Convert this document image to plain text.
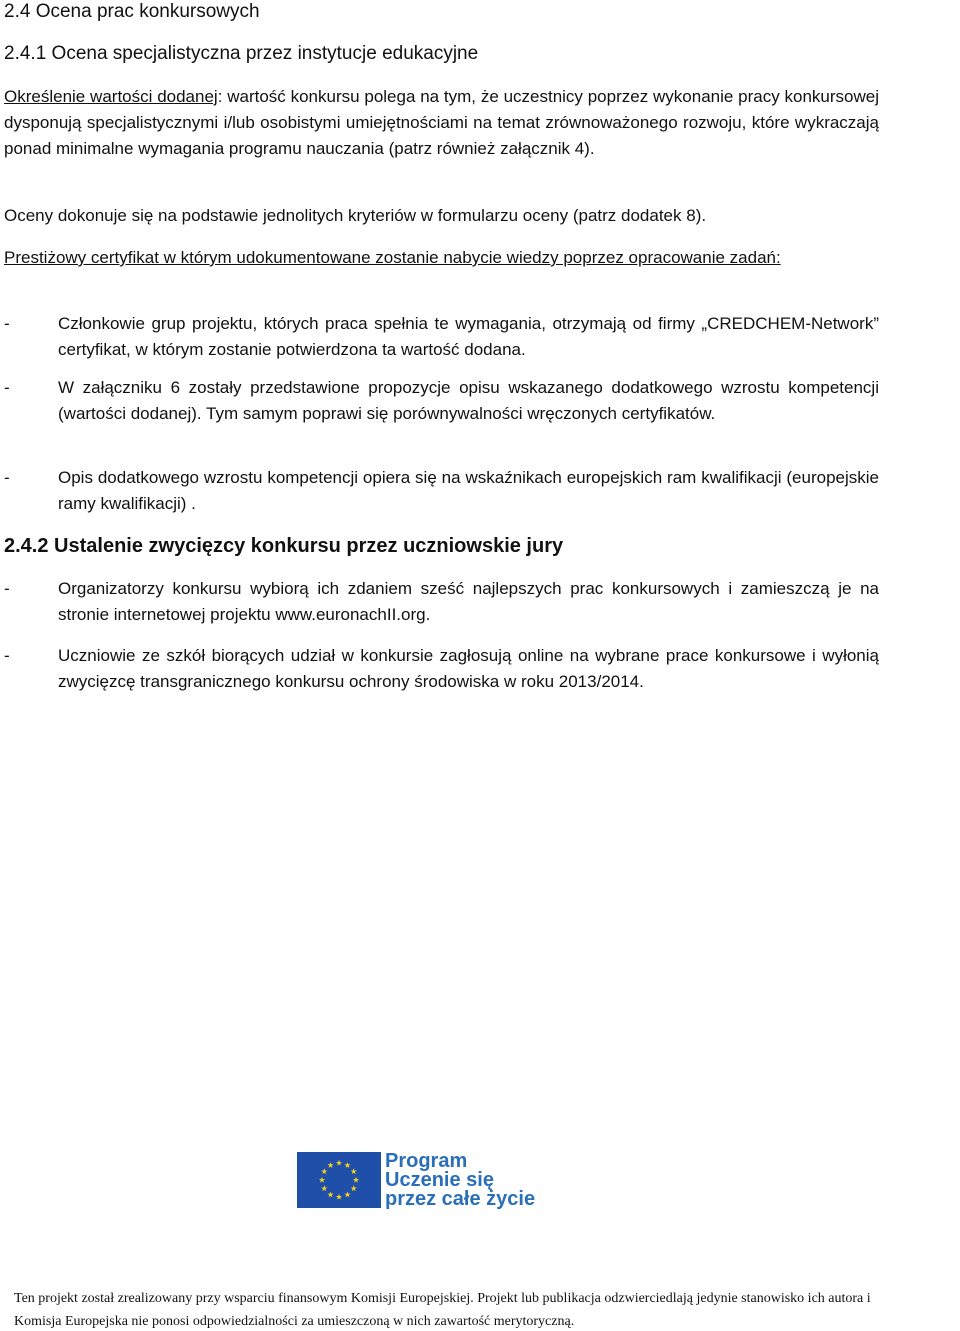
2.4 Ocena prac konkursowych
2.4.1 Ocena specjalistyczna przez instytucje edukacyjne
Określenie wartości dodanej: wartość konkursu polega na tym, że uczestnicy poprzez wykonanie pracy konkursowej dysponują specjalistycznymi i/lub osobistymi umiejętnościami na temat zrównoważonego rozwoju, które wykraczają ponad minimalne wymagania programu nauczania (patrz również załącznik 4).
Oceny dokonuje się na podstawie jednolitych kryteriów w formularzu oceny (patrz dodatek 8).
Prestiżowy certyfikat w którym udokumentowane zostanie nabycie wiedzy poprzez opracowanie zadań:
-	Członkowie grup projektu, których praca spełnia te wymagania, otrzymają od firmy „CREDCHEM-Network” certyfikat, w którym zostanie potwierdzona ta wartość dodana.
-	W załączniku 6 zostały przedstawione propozycje opisu wskazanego dodatkowego wzrostu kompetencji (wartości dodanej). Tym samym poprawi się porównywalności wręczonych certyfikatów.
-	Opis dodatkowego wzrostu kompetencji opiera się na wskaźnikach europejskich ram kwalifikacji (europejskie ramy kwalifikacji) .
2.4.2 Ustalenie zwycięzcy konkursu przez uczniowskie jury
-	Organizatorzy konkursu wybiorą ich zdaniem sześć najlepszych prac konkursowych i zamieszczą je na stronie internetowej projektu www.euronachII.org.
-	Uczniowie ze szkół biorących udział w konkursie zagłosują online na wybrane prace konkursowe i wyłonią zwycięzcę transgranicznego konkursu ochrony środowiska w roku 2013/2014.
Program
Uczenie się
przez całe życie
Ten projekt został zrealizowany przy wsparciu finansowym Komisji Europejskiej. Projekt lub publikacja odzwierciedlają jedynie stanowisko ich autora i
Komisja Europejska nie ponosi odpowiedzialności za umieszczoną w nich zawartość merytoryczną.
